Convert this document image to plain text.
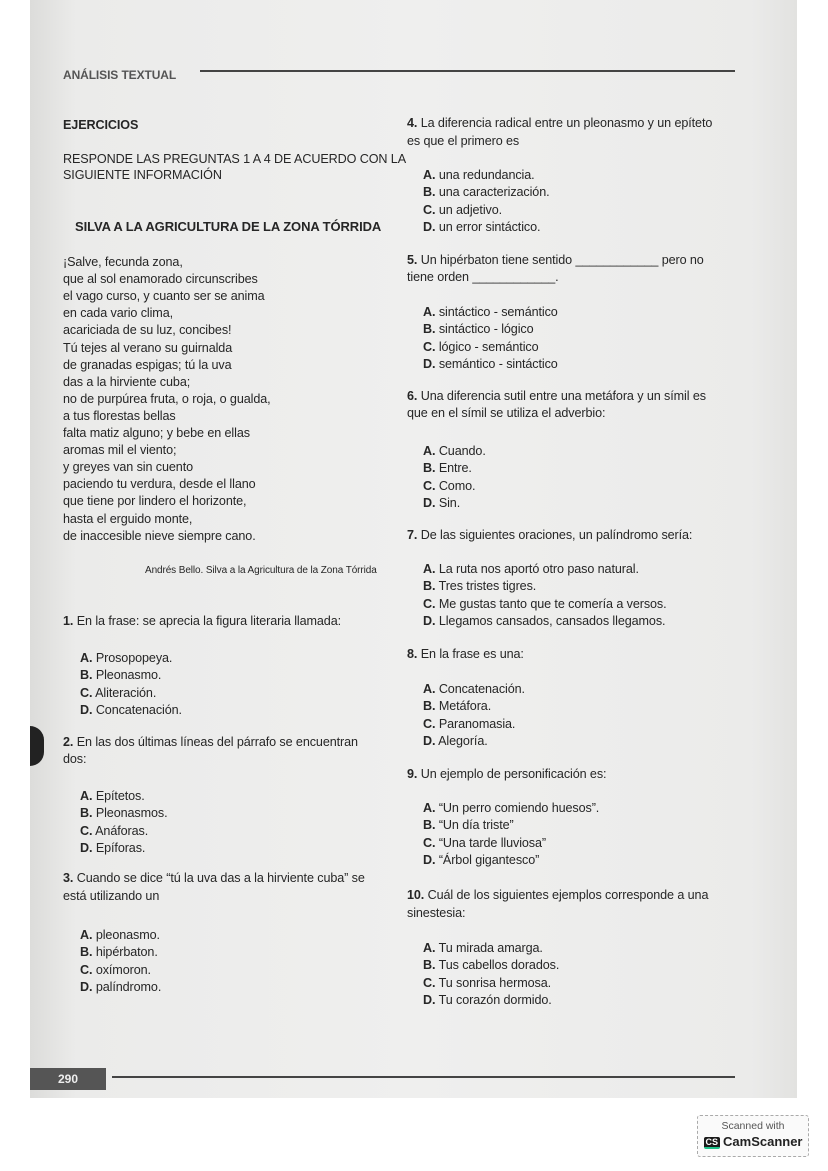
ANÁLISIS TEXTUAL
EJERCICIOS
RESPONDE LAS PREGUNTAS 1 A 4 DE ACUERDO CON LA
SIGUIENTE INFORMACIÓN
SILVA A LA AGRICULTURA DE LA ZONA TÓRRIDA
¡Salve, fecunda zona,
que al sol enamorado circunscribes
el vago curso, y cuanto ser se anima
en cada vario clima,
acariciada de su luz, concibes!
Tú tejes al verano su guirnalda
de granadas espigas; tú la uva
das a la hirviente cuba;
no de purpúrea fruta, o roja, o gualda,
a tus florestas bellas
falta matiz alguno; y bebe en ellas
aromas mil el viento;
y greyes van sin cuento
paciendo tu verdura, desde el llano
que tiene por lindero el horizonte,
hasta el erguido monte,
de inaccesible nieve siempre cano.
Andrés Bello. Silva a la Agricultura de la Zona Tórrida
1. En la frase: se aprecia la figura literaria llamada:
A. Prosopopeya.
B. Pleonasmo.
C. Aliteración.
D. Concatenación.
2. En las dos últimas líneas del párrafo se encuentran
dos:
A. Epítetos.
B. Pleonasmos.
C. Anáforas.
D. Epíforas.
3. Cuando se dice “tú la uva das a la hirviente cuba” se
está utilizando un
A. pleonasmo.
B. hipérbaton.
C. oxímoron.
D. palíndromo.
4. La diferencia radical entre un pleonasmo y un epíteto
es que el primero es
A. una redundancia.
B. una caracterización.
C. un adjetivo.
D. un error sintáctico.
5. Un hipérbaton tiene sentido ____________ pero no
tiene orden ____________.
A. sintáctico - semántico
B. sintáctico - lógico
C. lógico - semántico
D. semántico - sintáctico
6. Una diferencia sutil entre una metáfora y un símil es
que en el símil se utiliza el adverbio:
A. Cuando.
B. Entre.
C. Como.
D. Sin.
7. De las siguientes oraciones, un palíndromo sería:
A. La ruta nos aportó otro paso natural.
B. Tres tristes tigres.
C. Me gustas tanto que te comería a versos.
D. Llegamos cansados, cansados llegamos.
8. En la frase es una:
A. Concatenación.
B. Metáfora.
C. Paranomasia.
D. Alegoría.
9. Un ejemplo de personificación es:
A. “Un perro comiendo huesos”.
B. “Un día triste”
C. “Una tarde lluviosa”
D. “Árbol gigantesco”
10. Cuál de los siguientes ejemplos corresponde a una
sinestesia:
A. Tu mirada amarga.
B. Tus cabellos dorados.
C. Tu sonrisa hermosa.
D. Tu corazón dormido.
290
Scanned with
CS CamScanner
